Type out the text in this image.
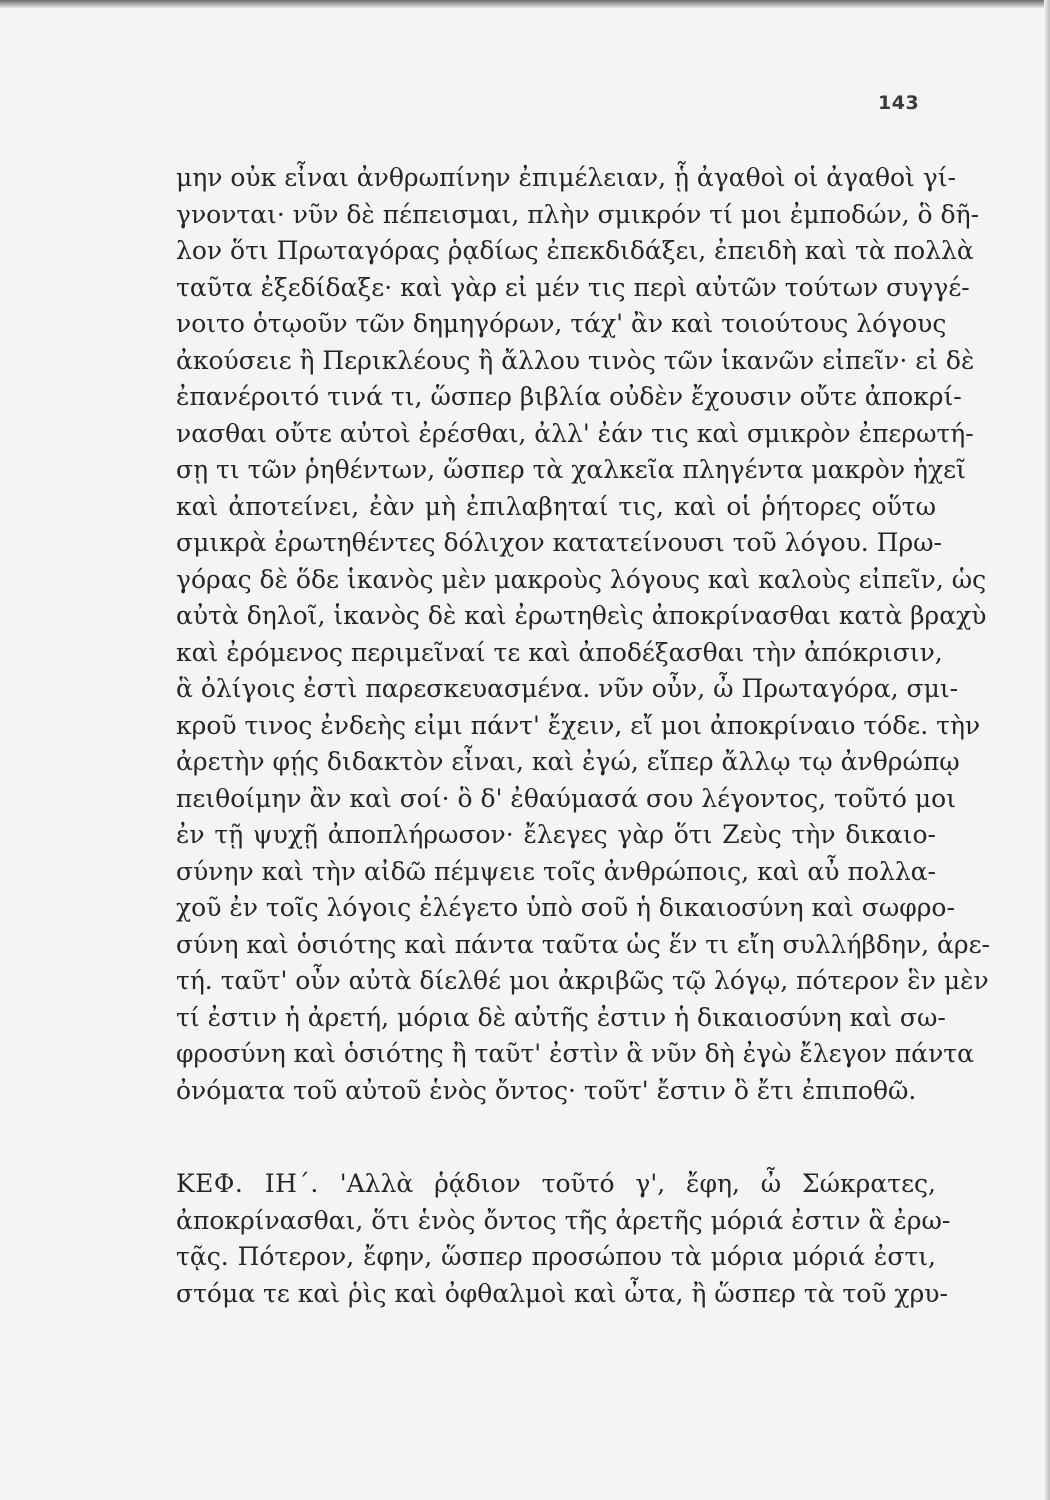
143
μην οὐκ εἶναι ἀνθρωπίνην ἐπιμέλειαν, ᾗ ἀγαθοὶ οἱ ἀγαθοὶ γί-
γνονται· νῦν δὲ πέπεισμαι, πλὴν σμικρόν τί μοι ἐμποδών, ὃ δῆ-
λον ὅτι Πρωταγόρας ῥᾳδίως ἐπεκδιδάξει, ἐπειδὴ καὶ τὰ πολλὰ
ταῦτα ἐξεδίδαξε· καὶ γὰρ εἰ μέν τις περὶ αὐτῶν τούτων συγγέ-
νοιτο ὁτῳοῦν τῶν δημηγόρων, τάχ' ἂν καὶ τοιούτους λόγους
ἀκούσειε ἢ Περικλέους ἢ ἄλλου τινὸς τῶν ἱκανῶν εἰπεῖν· εἰ δὲ
ἐπανέροιτό τινά τι, ὥσπερ βιβλία οὐδὲν ἔχουσιν οὔτε ἀποκρί-
νασθαι οὔτε αὐτοὶ ἐρέσθαι, ἀλλ' ἐάν τις καὶ σμικρὸν ἐπερωτή-
σῃ τι τῶν ῥηθέντων, ὥσπερ τὰ χαλκεῖα πληγέντα μακρὸν ἠχεῖ
καὶ ἀποτείνει, ἐὰν μὴ ἐπιλαβηταί τις, καὶ οἱ ῥήτορες οὕτω
σμικρὰ ἐρωτηθέντες δόλιχον κατατείνουσι τοῦ λόγου. Πρω-
γόρας δὲ ὅδε ἱκανὸς μὲν μακροὺς λόγους καὶ καλοὺς εἰπεῖν, ὡς
αὐτὰ δηλοῖ, ἱκανὸς δὲ καὶ ἐρωτηθεὶς ἀποκρίνασθαι κατὰ βραχὺ
καὶ ἐρόμενος περιμεῖναί τε καὶ ἀποδέξασθαι τὴν ἀπόκρισιν,
ἃ ὀλίγοις ἐστὶ παρεσκευασμένα. νῦν οὖν, ὦ Πρωταγόρα, σμι-
κροῦ τινος ἐνδεὴς εἰμι πάντ' ἔχειν, εἴ μοι ἀποκρίναιο τόδε. τὴν
ἀρετὴν φῄς διδακτὸν εἶναι, καὶ ἐγώ, εἴπερ ἄλλῳ τῳ ἀνθρώπῳ
πειθοίμην ἂν καὶ σοί· ὃ δ' ἐθαύμασά σου λέγοντος, τοῦτό μοι
ἐν τῇ ψυχῇ ἀποπλήρωσον· ἔλεγες γὰρ ὅτι Ζεὺς τὴν δικαιο-
σύνην καὶ τὴν αἰδῶ πέμψειε τοῖς ἀνθρώποις, καὶ αὖ πολλα-
χοῦ ἐν τοῖς λόγοις ἐλέγετο ὑπὸ σοῦ ἡ δικαιοσύνη καὶ σωφρο-
σύνη καὶ ὁσιότης καὶ πάντα ταῦτα ὡς ἕν τι εἴη συλλήβδην, ἀρε-
τή. ταῦτ' οὖν αὐτὰ δίελθέ μοι ἀκριβῶς τῷ λόγῳ, πότερον ἓν μὲν
τί ἐστιν ἡ ἀρετή, μόρια δὲ αὐτῆς ἐστιν ἡ δικαιοσύνη καὶ σω-
φροσύνη καὶ ὁσιότης ἢ ταῦτ' ἐστὶν ἃ νῦν δὴ ἐγὼ ἔλεγον πάντα
ὀνόματα τοῦ αὐτοῦ ἑνὸς ὄντος· τοῦτ' ἔστιν ὃ ἔτι ἐπιποθῶ.
ΚΕΦ. ΙΗ΄. 'Αλλὰ ῥᾴδιον τοῦτό γ', ἔφη, ὦ Σώκρατες,
ἀποκρίνασθαι, ὅτι ἑνὸς ὄντος τῆς ἀρετῆς μόριά ἐστιν ἃ ἐρω-
τᾷς. Πότερον, ἔφην, ὥσπερ προσώπου τὰ μόρια μόριά ἐστι,
στόμα τε καὶ ῥὶς καὶ ὀφθαλμοὶ καὶ ὦτα, ἢ ὥσπερ τὰ τοῦ χρυ-
